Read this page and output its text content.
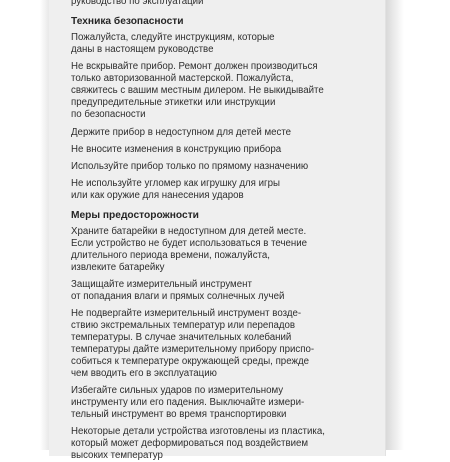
руководство по эксплуатации
Техника безопасности
Пожалуйста, следуйте инструкциям, которые
даны в настоящем руководстве
Не вскрывайте прибор. Ремонт должен производиться
только авторизованной мастерской. Пожалуйста,
свяжитесь с вашим местным дилером. Не выкидывайте
предупредительные этикетки или инструкции
по безопасности
Держите прибор в недоступном для детей месте
Не вносите изменения в конструкцию прибора
Используйте прибор только по прямому назначению
Не используйте угломер как игрушку для игры
или как оружие для нанесения ударов
Меры предосторожности
Храните батарейки в недоступном для детей месте.
Если устройство не будет использоваться в течение
длительного периода времени, пожалуйста,
извлеките батарейку
Защищайте измерительный инструмент
от попадания влаги и прямых солнечных лучей
Не подвергайте измерительный инструмент возде-
ствию экстремальных температур или перепадов
температуры. В случае значительных колебаний
температуры дайте измерительному прибору приспо-
собиться к температуре окружающей среды, прежде
чем вводить его в эксплуатацию
Избегайте сильных ударов по измерительному
инструменту или его падения. Выключайте измери-
тельный инструмент во время транспортировки
Некоторые детали устройства изготовлены из пластика,
который может деформироваться под воздействием
высоких температур
